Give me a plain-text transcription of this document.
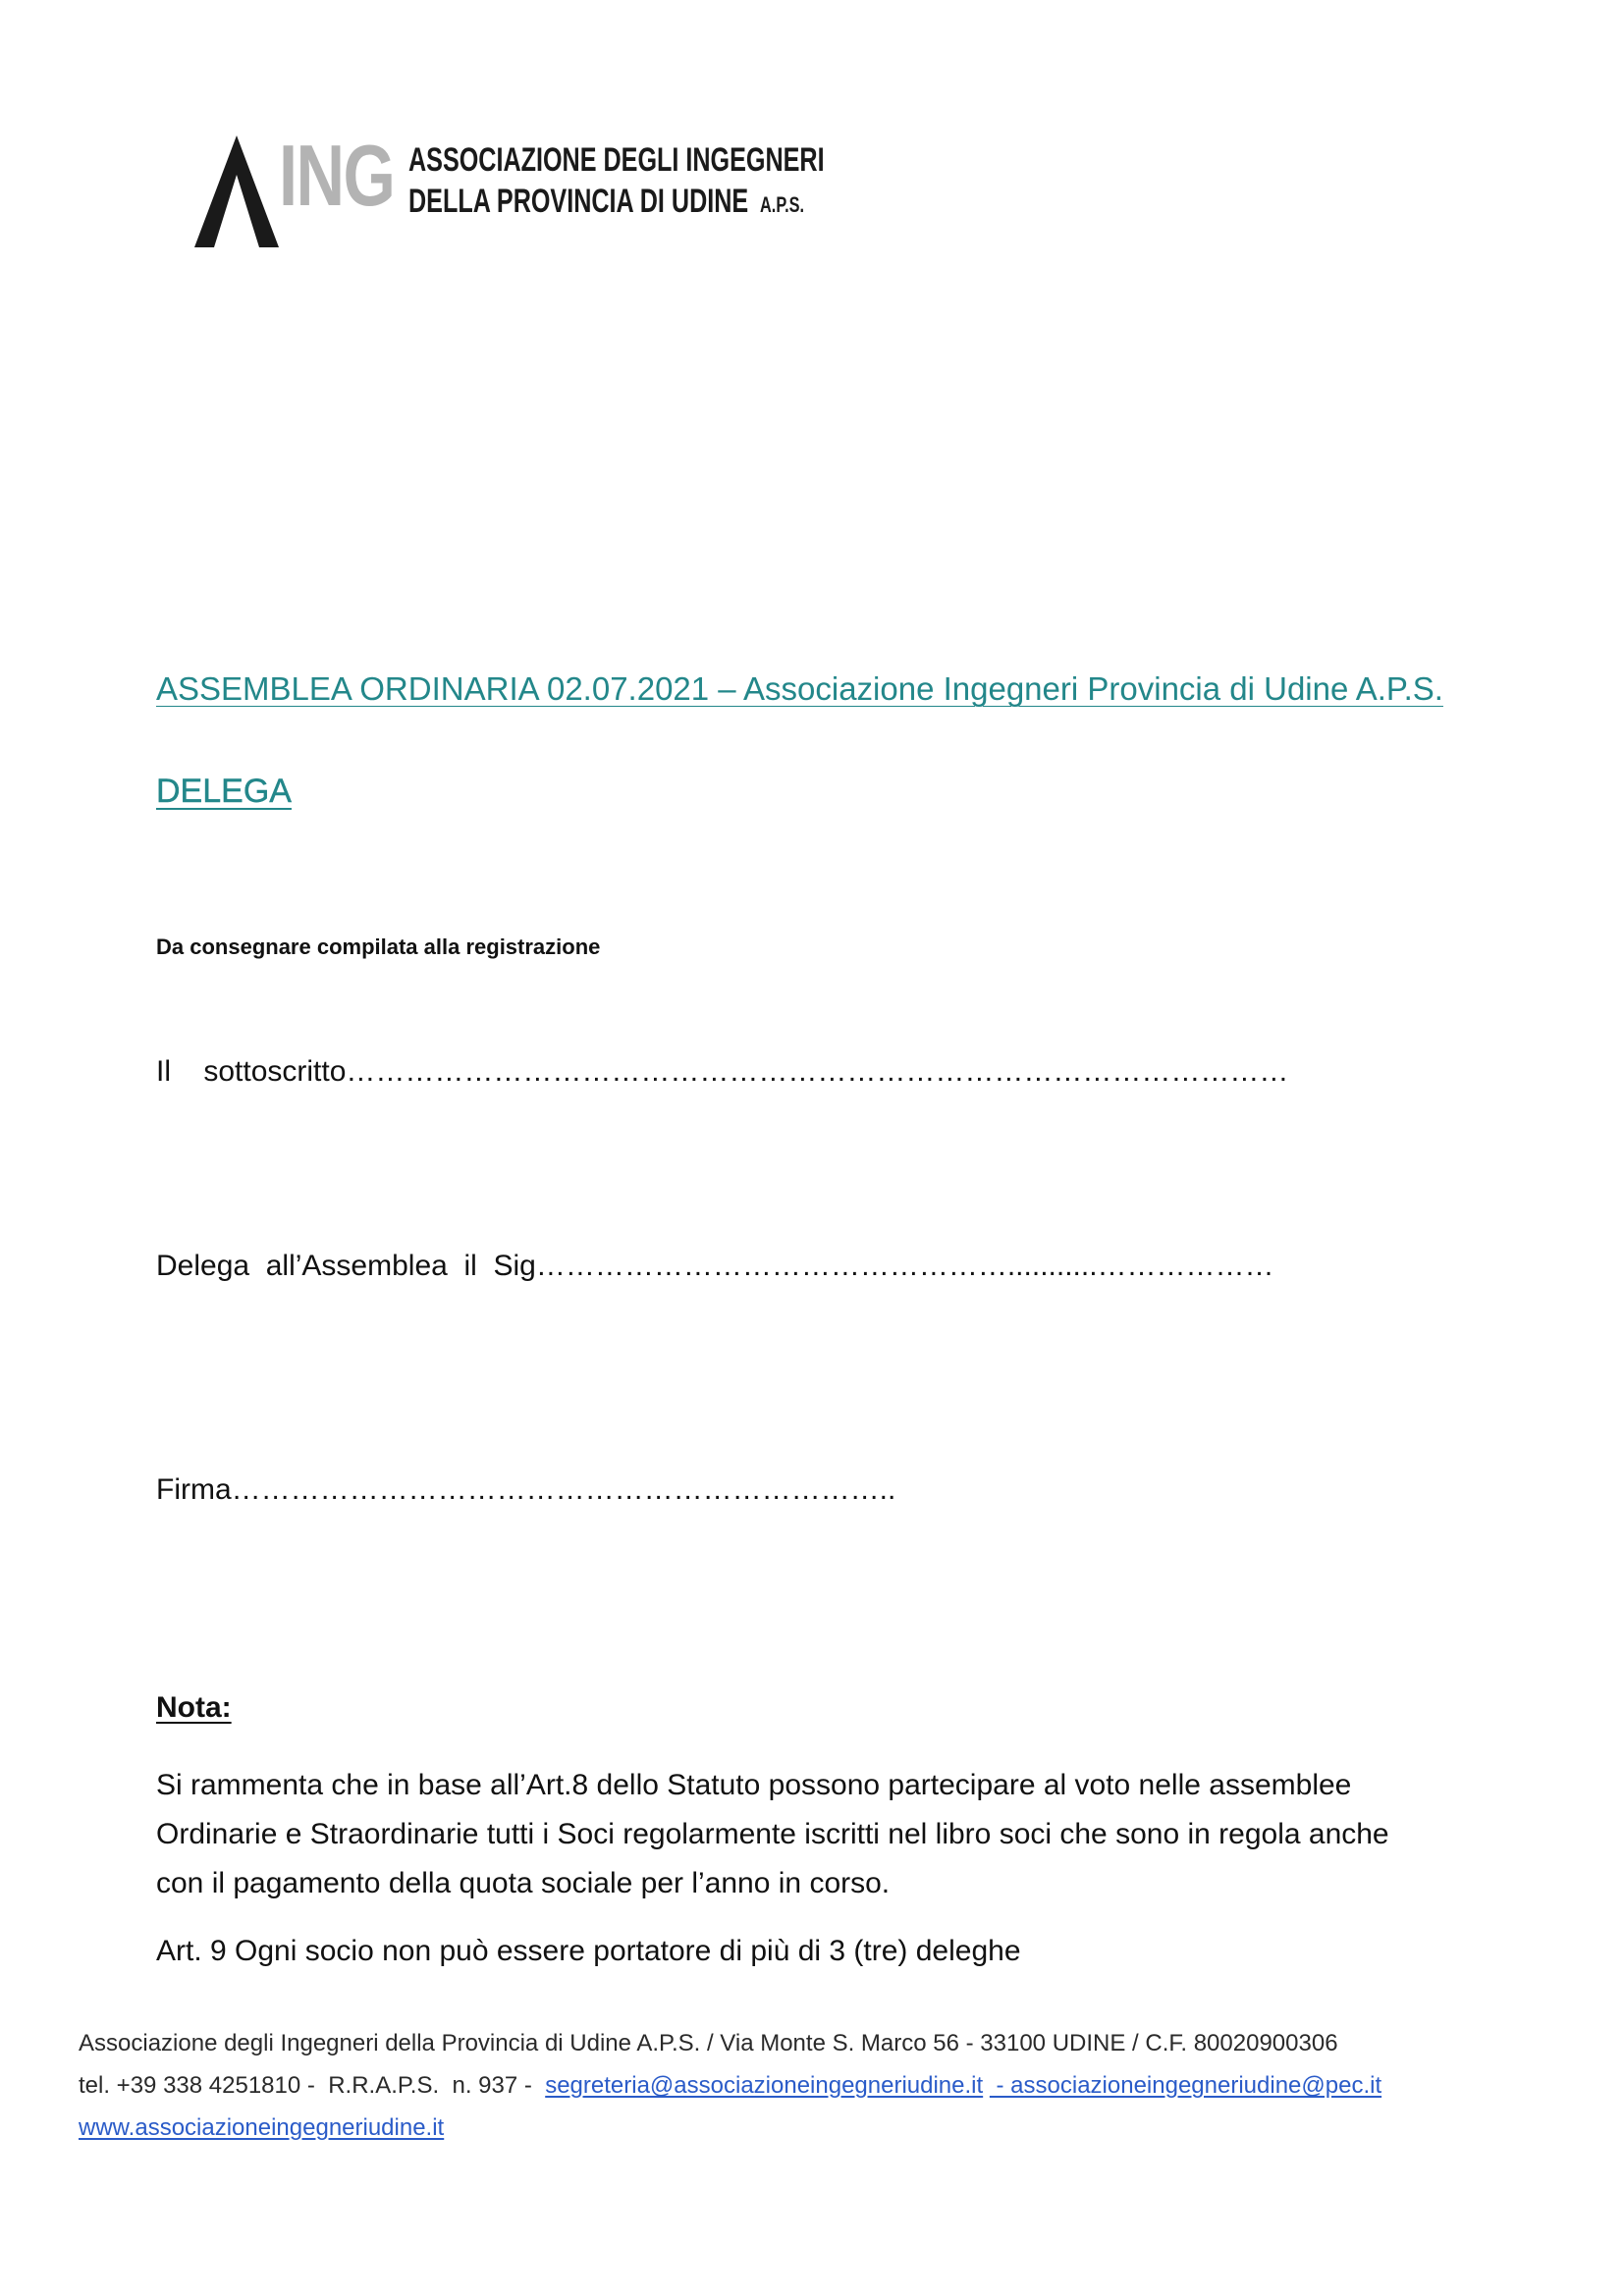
ING ASSOCIAZIONE DEGLI INGEGNERI
DELLA PROVINCIA DI UDINE A.P.S.
ASSEMBLEA ORDINARIA 02.07.2021 – Associazione Ingegneri Provincia di Udine A.P.S.
DELEGA
Da consegnare compilata alla registrazione
Il    sottoscritto……………………………………………………………………………………
Delega  all’Assemblea  il  Sig…………………………………………...........………………
Firma…………………………………………………………..
Nota:
Si rammenta che in base all’Art.8 dello Statuto possono partecipare al voto nelle assemblee
Ordinarie e Straordinarie tutti i Soci regolarmente iscritti nel libro soci che sono in regola anche
con il pagamento della quota sociale per l’anno in corso.
Art. 9 Ogni socio non può essere portatore di più di 3 (tre) deleghe
Associazione degli Ingegneri della Provincia di Udine A.P.S. / Via Monte S. Marco 56 - 33100 UDINE / C.F. 80020900306
tel. +39 338 4251810 -  R.R.A.P.S.  n. 937 -  segreteria@associazioneingegneriudine.it  - associazioneingegneriudine@pec.it
www.associazioneingegneriudine.it
